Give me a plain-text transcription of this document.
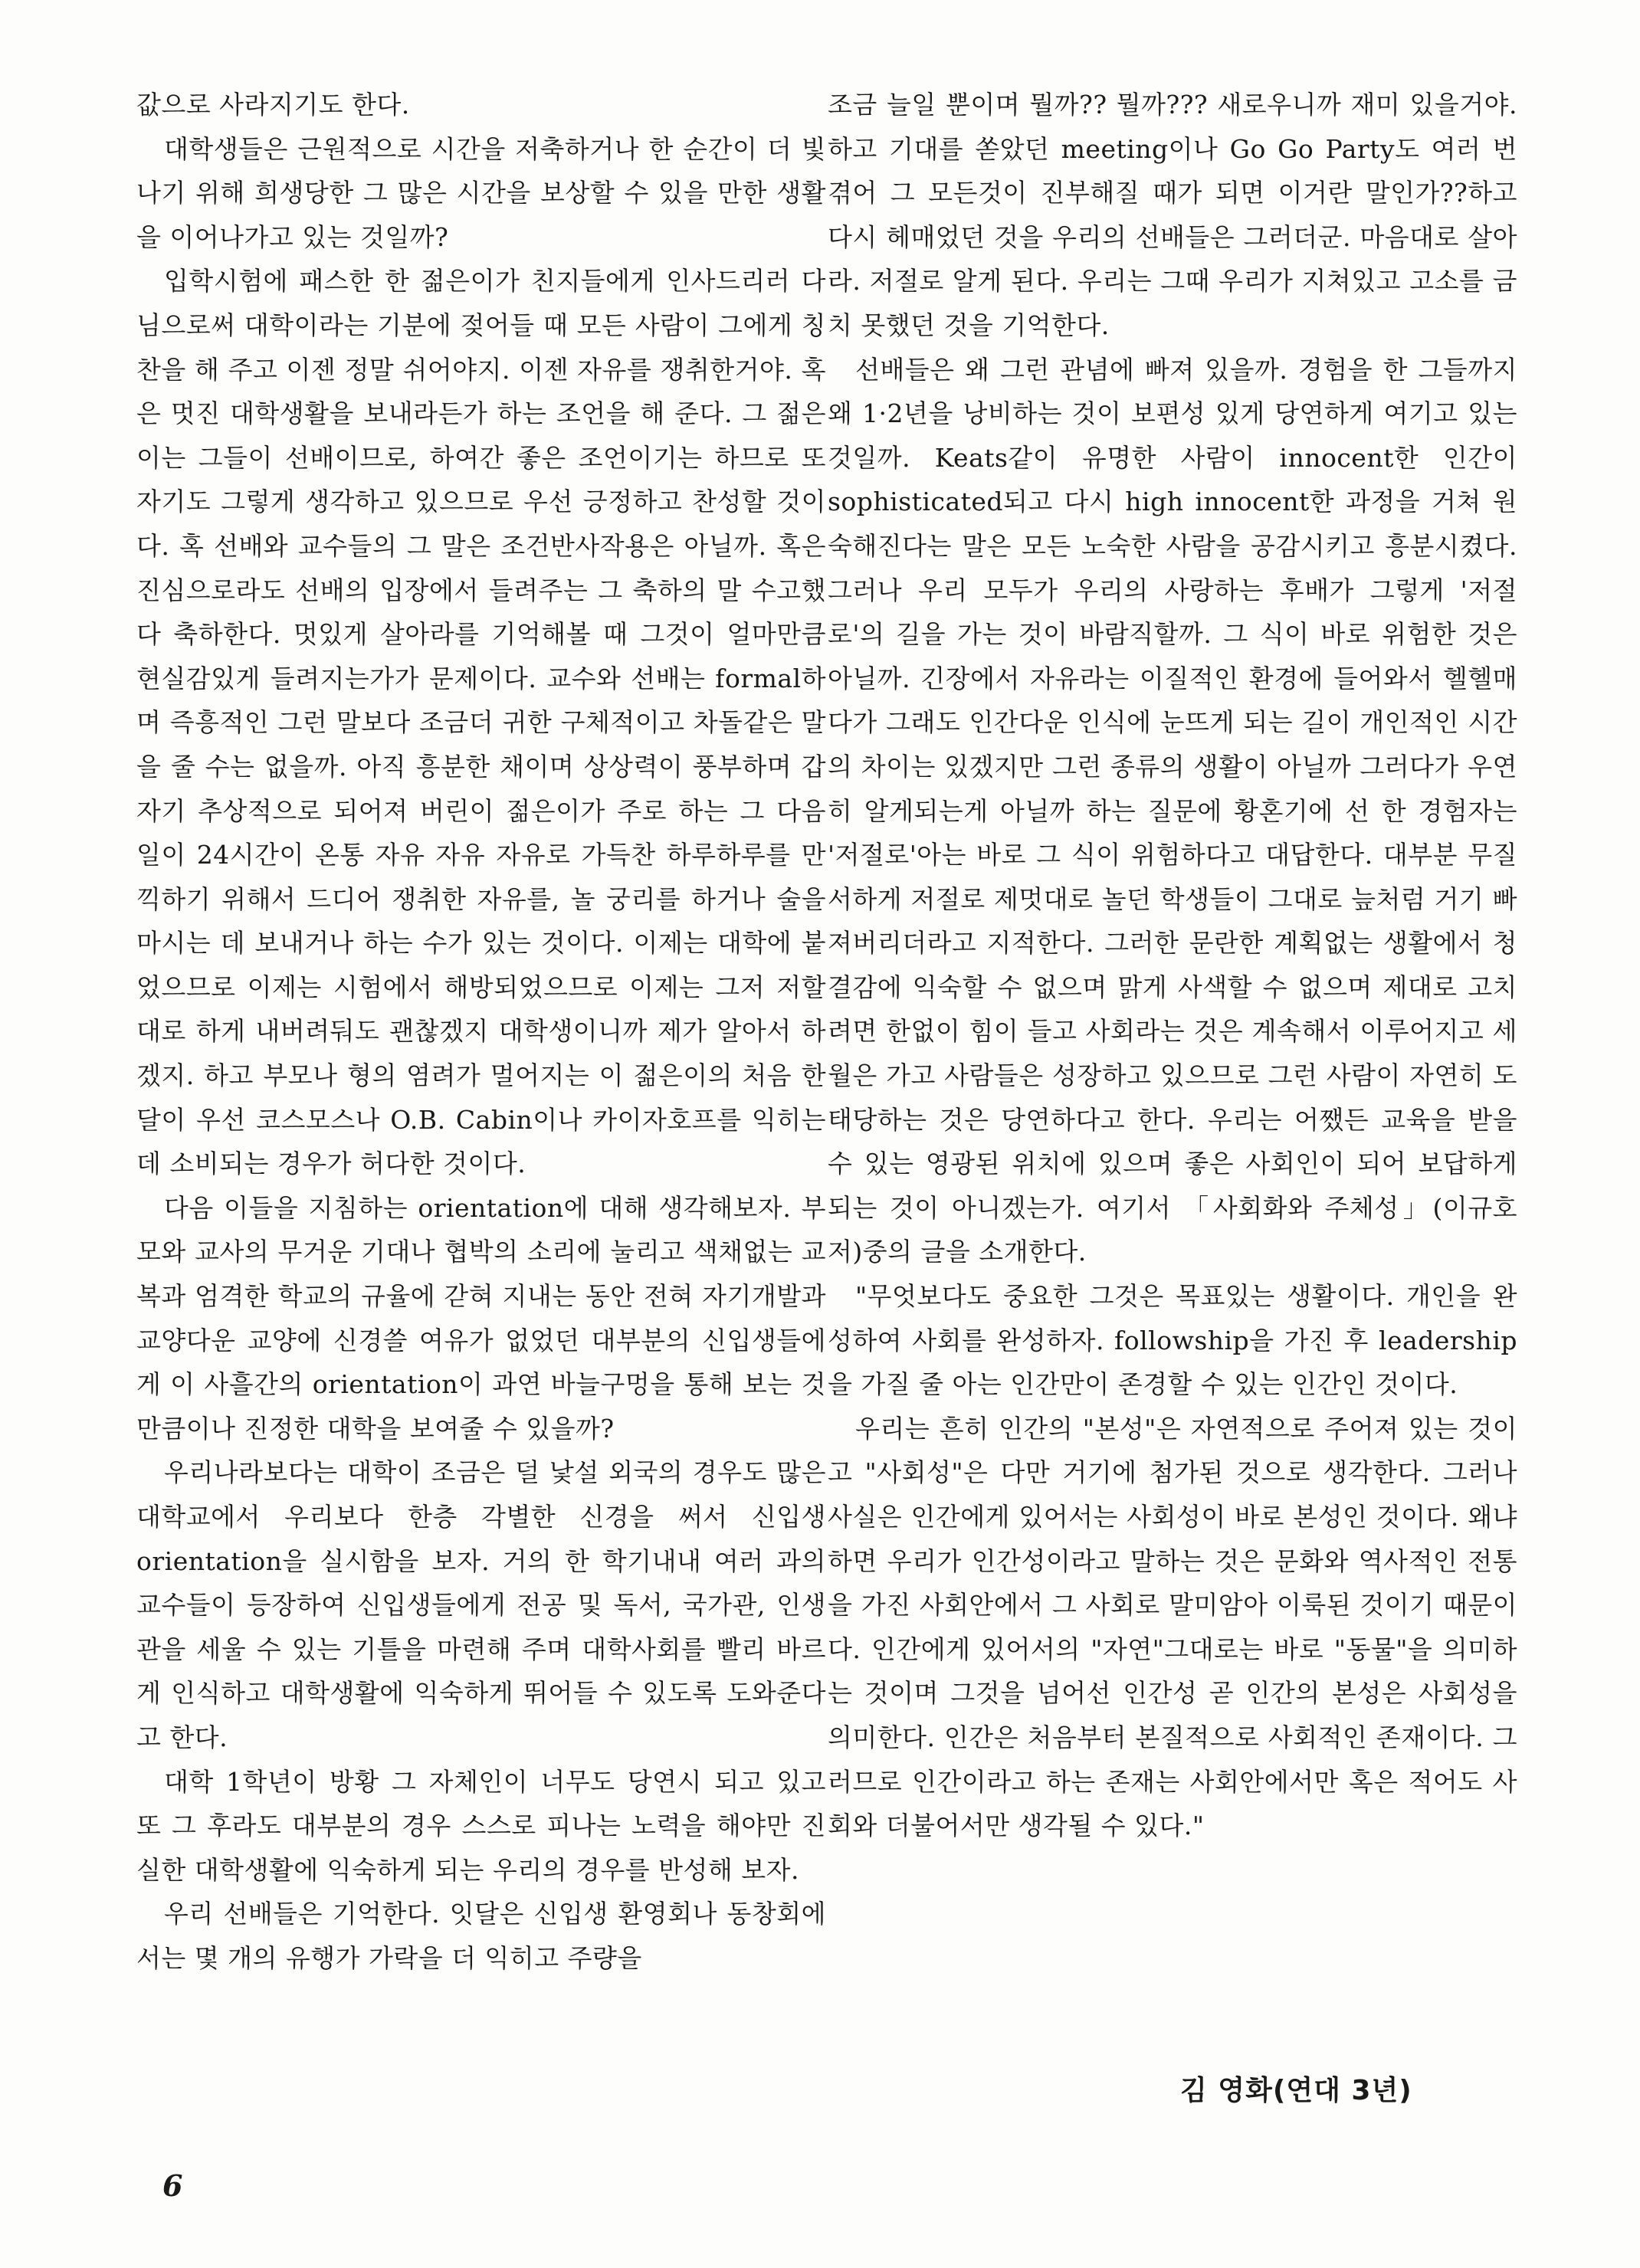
값으로 사라지기도 한다.

대학생들은 근원적으로 시간을 저축하거나 한 순간이 더 빛나기 위해 희생당한 그 많은 시간을 보상할 수 있을 만한 생활을 이어나가고 있는 것일까?

입학시험에 패스한 한 젊은이가 친지들에게 인사드리러 다님으로써 대학이라는 기분에 젖어들 때 모든 사람이 그에게 칭찬을 해 주고 이젠 정말 쉬어야지. 이젠 자유를 쟁취한거야. 혹은 멋진 대학생활을 보내라든가 하는 조언을 해 준다. 그 젊은이는 그들이 선배이므로, 하여간 좋은 조언이기는 하므로 또 자기도 그렇게 생각하고 있으므로 우선 긍정하고 찬성할 것이다. 혹 선배와 교수들의 그 말은 조건반사작용은 아닐까. 혹은 진심으로라도 선배의 입장에서 들려주는 그 축하의 말 수고했다 축하한다. 멋있게 살아라를 기억해볼 때 그것이 얼마만큼 현실감있게 들려지는가가 문제이다. 교수와 선배는 formal하며 즉흥적인 그런 말보다 조금더 귀한 구체적이고 차돌같은 말을 줄 수는 없을까. 아직 흥분한 채이며 상상력이 풍부하며 갑자기 추상적으로 되어져 버린이 젊은이가 주로 하는 그 다음 일이 24시간이 온통 자유 자유 자유로 가득찬 하루하루를 만끽하기 위해서 드디어 쟁취한 자유를, 놀 궁리를 하거나 술을 마시는 데 보내거나 하는 수가 있는 것이다. 이제는 대학에 붙었으므로 이제는 시험에서 해방되었으므로 이제는 그저 저할대로 하게 내버려둬도 괜찮겠지 대학생이니까 제가 알아서 하겠지. 하고 부모나 형의 염려가 멀어지는 이 젊은이의 처음 한 달이 우선 코스모스나 O.B. Cabin이나 카이자호프를 익히는 데 소비되는 경우가 허다한 것이다.

다음 이들을 지침하는 orientation에 대해 생각해보자. 부모와 교사의 무거운 기대나 협박의 소리에 눌리고 색채없는 교복과 엄격한 학교의 규율에 갇혀 지내는 동안 전혀 자기개발과 교양다운 교양에 신경쓸 여유가 없었던 대부분의 신입생들에게 이 사흘간의 orientation이 과연 바늘구멍을 통해 보는 것 만큼이나 진정한 대학을 보여줄 수 있을까?

우리나라보다는 대학이 조금은 덜 낯설 외국의 경우도 많은 대학교에서 우리보다 한층 각별한 신경을 써서 신입생 orientation을 실시함을 보자. 거의 한 학기내내 여러 과의 교수들이 등장하여 신입생들에게 전공 및 독서, 국가관, 인생관을 세울 수 있는 기틀을 마련해 주며 대학사회를 빨리 바르게 인식하고 대학생활에 익숙하게 뛰어들 수 있도록 도와준다고 한다.

대학 1학년이 방황 그 자체인이 너무도 당연시 되고 있고 또 그 후라도 대부분의 경우 스스로 피나는 노력을 해야만 진실한 대학생활에 익숙하게 되는 우리의 경우를 반성해 보자.

우리 선배들은 기억한다. 잇달은 신입생 환영회나 동창회에서는 몇 개의 유행가 가락을 더 익히고 주량을

조금 늘일 뿐이며 뭘까?? 뭘까??? 새로우니까 재미 있을거야. 하고 기대를 쏟았던 meeting이나 Go Go Party도 여러 번 겪어 그 모든것이 진부해질 때가 되면 이거란 말인가??하고 다시 헤매었던 것을 우리의 선배들은 그러더군. 마음대로 살아라. 저절로 알게 된다. 우리는 그때 우리가 지쳐있고 고소를 금치 못했던 것을 기억한다.

선배들은 왜 그런 관념에 빠져 있을까. 경험을 한 그들까지 왜 1·2년을 낭비하는 것이 보편성 있게 당연하게 여기고 있는 것일까. Keats같이 유명한 사람이 innocent한 인간이 sophisticated되고 다시 high innocent한 과정을 거쳐 원숙해진다는 말은 모든 노숙한 사람을 공감시키고 흥분시켰다. 그러나 우리 모두가 우리의 사랑하는 후배가 그렇게 '저절로'의 길을 가는 것이 바람직할까. 그 식이 바로 위험한 것은 아닐까. 긴장에서 자유라는 이질적인 환경에 들어와서 헬헬매다가 그래도 인간다운 인식에 눈뜨게 되는 길이 개인적인 시간의 차이는 있겠지만 그런 종류의 생활이 아닐까 그러다가 우연히 알게되는게 아닐까 하는 질문에 황혼기에 선 한 경험자는 '저절로'아는 바로 그 식이 위험하다고 대답한다. 대부분 무질서하게 저절로 제멋대로 놀던 학생들이 그대로 늪처럼 거기 빠져버리더라고 지적한다. 그러한 문란한 계획없는 생활에서 청결감에 익숙할 수 없으며 맑게 사색할 수 없으며 제대로 고치려면 한없이 힘이 들고 사회라는 것은 계속해서 이루어지고 세월은 가고 사람들은 성장하고 있으므로 그런 사람이 자연히 도태당하는 것은 당연하다고 한다. 우리는 어쨌든 교육을 받을 수 있는 영광된 위치에 있으며 좋은 사회인이 되어 보답하게 되는 것이 아니겠는가. 여기서 「사회화와 주체성」(이규호 저)중의 글을 소개한다.

"무엇보다도 중요한 그것은 목표있는 생활이다. 개인을 완성하여 사회를 완성하자. followship을 가진 후 leadership을 가질 줄 아는 인간만이 존경할 수 있는 인간인 것이다.

우리는 흔히 인간의 "본성"은 자연적으로 주어져 있는 것이고 "사회성"은 다만 거기에 첨가된 것으로 생각한다. 그러나 사실은 인간에게 있어서는 사회성이 바로 본성인 것이다. 왜냐하면 우리가 인간성이라고 말하는 것은 문화와 역사적인 전통을 가진 사회안에서 그 사회로 말미암아 이룩된 것이기 때문이다. 인간에게 있어서의 "자연"그대로는 바로 "동물"을 의미하는 것이며 그것을 넘어선 인간성 곧 인간의 본성은 사회성을 의미한다. 인간은 처음부터 본질적으로 사회적인 존재이다. 그러므로 인간이라고 하는 존재는 사회안에서만 혹은 적어도 사회와 더불어서만 생각될 수 있다."

김 영화(연대 3년)
6
